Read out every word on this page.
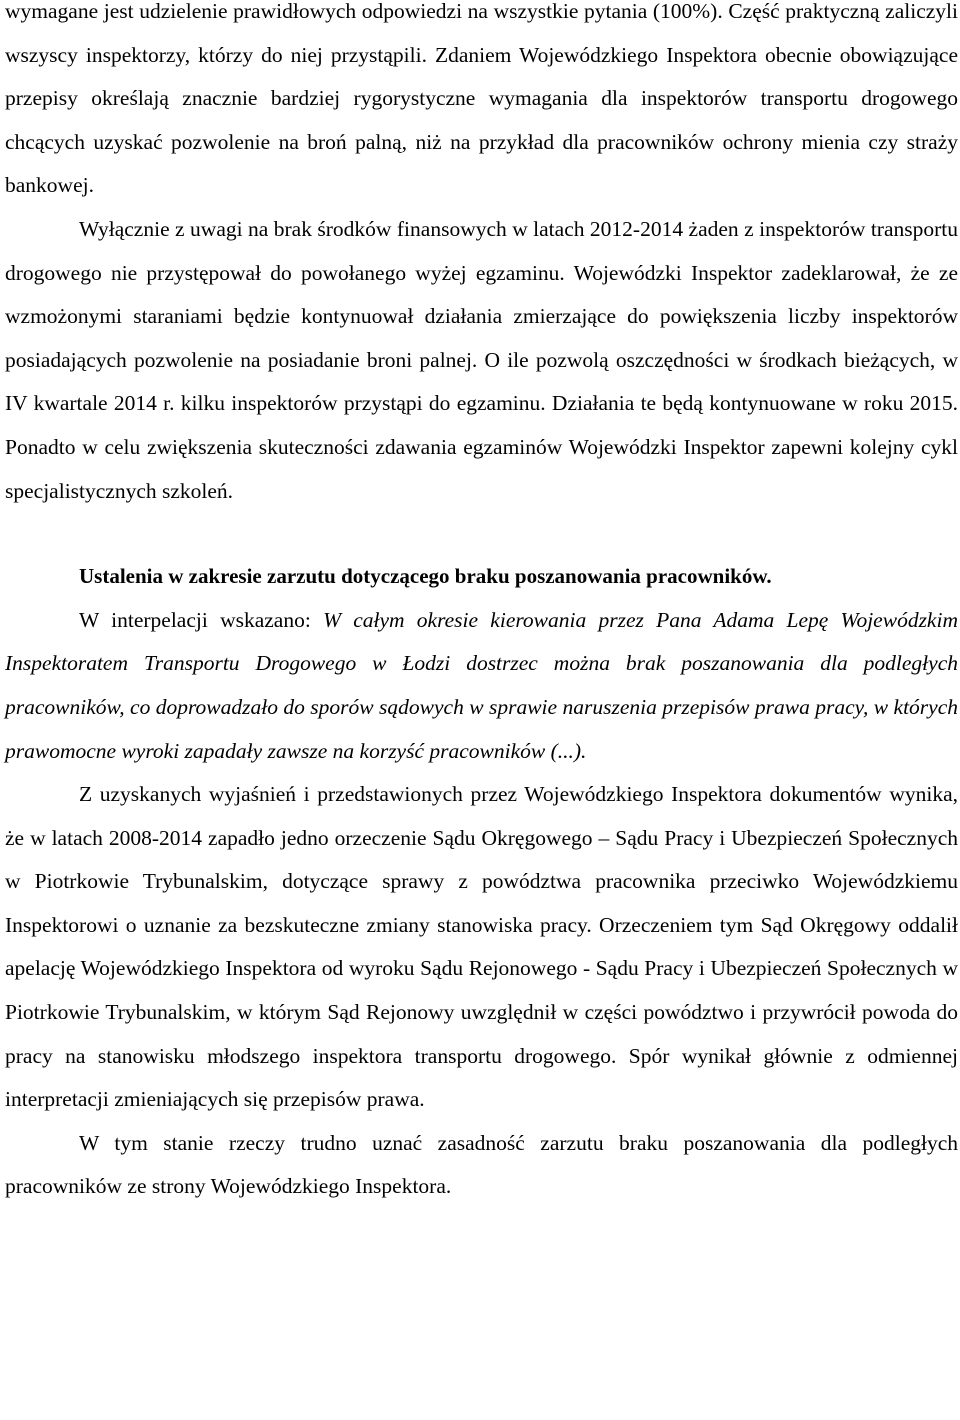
wymagane jest udzielenie prawidłowych odpowiedzi na wszystkie pytania (100%). Część praktyczną zaliczyli wszyscy inspektorzy, którzy do niej przystąpili. Zdaniem Wojewódzkiego Inspektora obecnie obowiązujące przepisy określają znacznie bardziej rygorystyczne wymagania dla inspektorów transportu drogowego chcących uzyskać pozwolenie na broń palną, niż na przykład dla pracowników ochrony mienia czy straży bankowej.

Wyłącznie z uwagi na brak środków finansowych w latach 2012-2014 żaden z inspektorów transportu drogowego nie przystępował do powołanego wyżej egzaminu. Wojewódzki Inspektor zadeklarował, że ze wzmożonymi staraniami będzie kontynuował działania zmierzające do powiększenia liczby inspektorów posiadających pozwolenie na posiadanie broni palnej. O ile pozwolą oszczędności w środkach bieżących, w IV kwartale 2014 r. kilku inspektorów przystąpi do egzaminu. Działania te będą kontynuowane w roku 2015. Ponadto w celu zwiększenia skuteczności zdawania egzaminów Wojewódzki Inspektor zapewni kolejny cykl specjalistycznych szkoleń.

Ustalenia w zakresie zarzutu dotyczącego braku poszanowania pracowników.

W interpelacji wskazano: W całym okresie kierowania przez Pana Adama Lepę Wojewódzkim Inspektoratem Transportu Drogowego w Łodzi dostrzec można brak poszanowania dla podległych pracowników, co doprowadzało do sporów sądowych w sprawie naruszenia przepisów prawa pracy, w których prawomocne wyroki zapadały zawsze na korzyść pracowników (...).

Z uzyskanych wyjaśnień i przedstawionych przez Wojewódzkiego Inspektora dokumentów wynika, że w latach 2008-2014 zapadło jedno orzeczenie Sądu Okręgowego – Sądu Pracy i Ubezpieczeń Społecznych w Piotrkowie Trybunalskim, dotyczące sprawy z powództwa pracownika przeciwko Wojewódzkiemu Inspektorowi o uznanie za bezskuteczne zmiany stanowiska pracy. Orzeczeniem tym Sąd Okręgowy oddalił apelację Wojewódzkiego Inspektora od wyroku Sądu Rejonowego - Sądu Pracy i Ubezpieczeń Społecznych w Piotrkowie Trybunalskim, w którym Sąd Rejonowy uwzględnił w części powództwo i przywrócił powoda do pracy na stanowisku młodszego inspektora transportu drogowego. Spór wynikał głównie z odmiennej interpretacji zmieniających się przepisów prawa.

W tym stanie rzeczy trudno uznać zasadność zarzutu braku poszanowania dla podległych pracowników ze strony Wojewódzkiego Inspektora.
